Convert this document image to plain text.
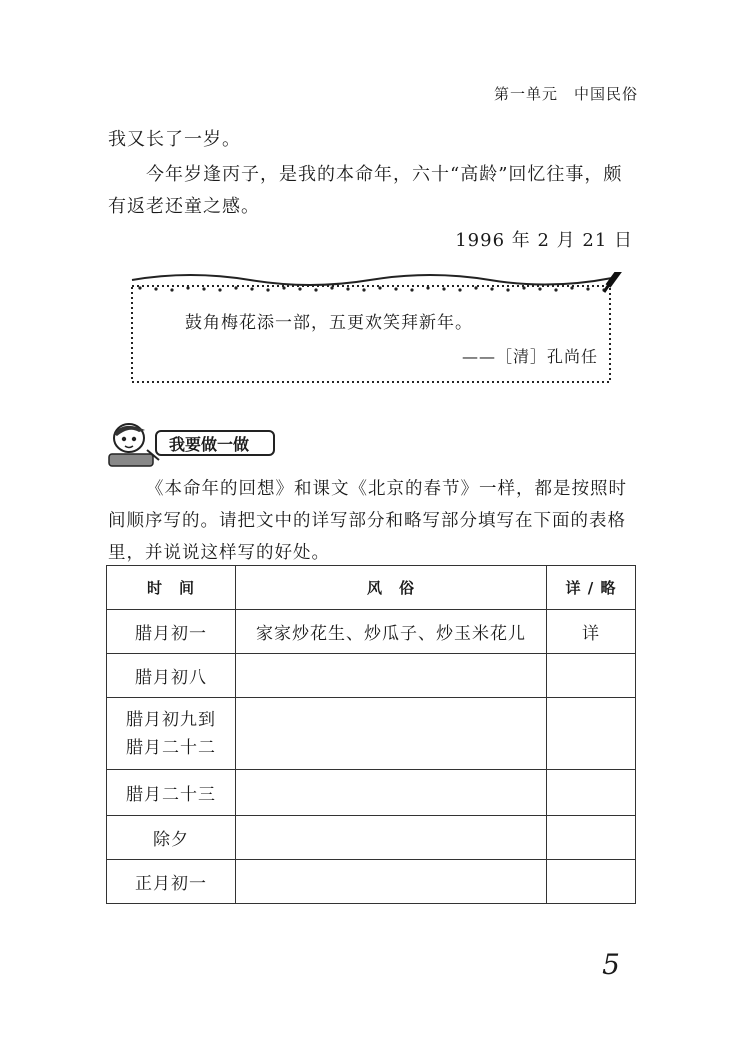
第一单元　中国民俗

我又长了一岁。

今年岁逢丙子，是我的本命年，六十“高龄”回忆往事，颇有返老还童之感。

1996 年 2 月 21 日
鼓角梅花添一部，五更欢笑拜新年。
——［清］孔尚任
我要做一做

《本命年的回想》和课文《北京的春节》一样，都是按照时间顺序写的。请把文中的详写部分和略写部分填写在下面的表格里，并说说这样写的好处。

时　间	风　俗	详 / 略
腊月初一	家家炒花生、炒瓜子、炒玉米花儿	详
腊月初八		
腊月初九到腊月二十二		
腊月二十三		
除夕		
正月初一		
5
